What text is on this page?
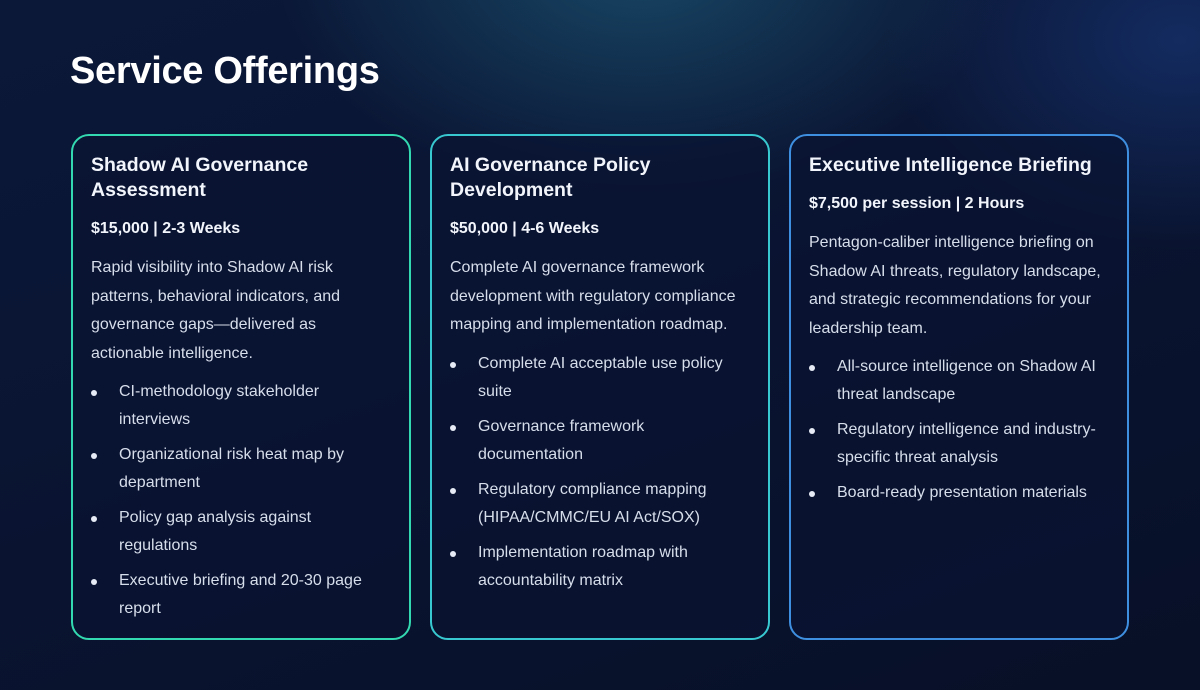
Service Offerings
Shadow AI Governance Assessment
$15,000 | 2-3 Weeks

Rapid visibility into Shadow AI risk patterns, behavioral indicators, and governance gaps—delivered as actionable intelligence.

CI-methodology stakeholder interviews
Organizational risk heat map by department
Policy gap analysis against regulations
Executive briefing and 20-30 page report
AI Governance Policy Development
$50,000 | 4-6 Weeks

Complete AI governance framework development with regulatory compliance mapping and implementation roadmap.

Complete AI acceptable use policy suite
Governance framework documentation
Regulatory compliance mapping (HIPAA/CMMC/EU AI Act/SOX)
Implementation roadmap with accountability matrix
Executive Intelligence Briefing
$7,500 per session | 2 Hours

Pentagon-caliber intelligence briefing on Shadow AI threats, regulatory landscape, and strategic recommendations for your leadership team.

All-source intelligence on Shadow AI threat landscape
Regulatory intelligence and industry-specific threat analysis
Board-ready presentation materials
